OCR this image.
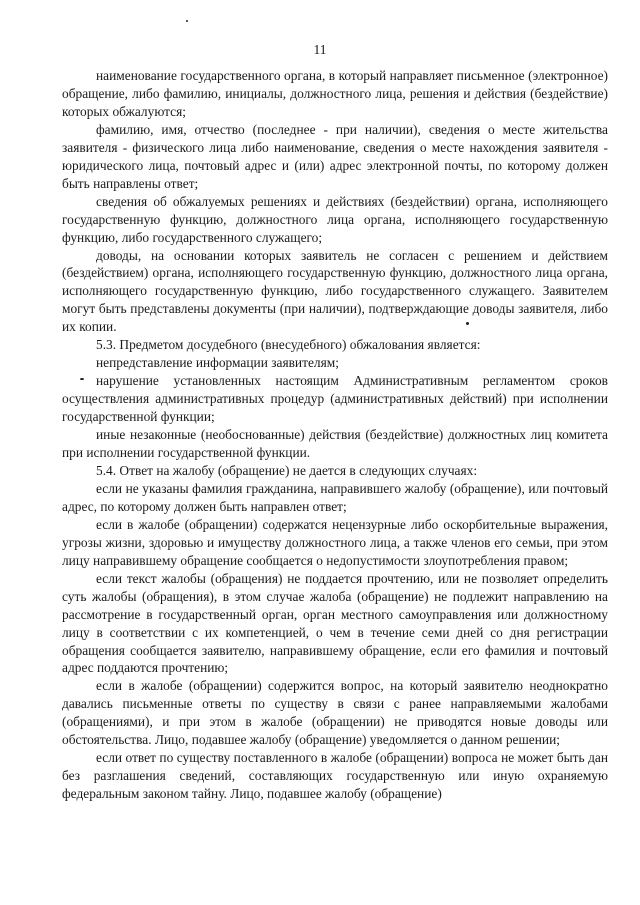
11

наименование государственного органа, в который направляет письменное (электронное) обращение, либо фамилию, инициалы, должностного лица, решения и действия (бездействие) которых обжалуются;

фамилию, имя, отчество (последнее - при наличии), сведения о месте жительства заявителя - физического лица либо наименование, сведения о месте нахождения заявителя - юридического лица, почтовый адрес и (или) адрес электронной почты, по которому должен быть направлены ответ;

сведения об обжалуемых решениях и действиях (бездействии) органа, исполняющего государственную функцию, должностного лица органа, исполняющего государственную функцию, либо государственного служащего;

доводы, на основании которых заявитель не согласен с решением и действием (бездействием) органа, исполняющего государственную функцию, должностного лица органа, исполняющего государственную функцию, либо государственного служащего. Заявителем могут быть представлены документы (при наличии), подтверждающие доводы заявителя, либо их копии.

5.3. Предметом досудебного (внесудебного) обжалования является:

непредставление информации заявителям;

нарушение установленных настоящим Административным регламентом сроков осуществления административных процедур (административных действий) при исполнении государственной функции;

иные незаконные (необоснованные) действия (бездействие) должностных лиц комитета при исполнении государственной функции.

5.4. Ответ на жалобу (обращение) не дается в следующих случаях:

если не указаны фамилия гражданина, направившего жалобу (обращение), или почтовый адрес, по которому должен быть направлен ответ;

если в жалобе (обращении) содержатся нецензурные либо оскорбительные выражения, угрозы жизни, здоровью и имуществу должностного лица, а также членов его семьи, при этом лицу направившему обращение сообщается о недопустимости злоупотребления правом;

если текст жалобы (обращения) не поддается прочтению, или не позволяет определить суть жалобы (обращения), в этом случае жалоба (обращение) не подлежит направлению на рассмотрение в государственный орган, орган местного самоуправления или должностному лицу в соответствии с их компетенцией, о чем в течение семи дней со дня регистрации обращения сообщается заявителю, направившему обращение, если его фамилия и почтовый адрес поддаются прочтению;

если в жалобе (обращении) содержится вопрос, на который заявителю неоднократно давались письменные ответы по существу в связи с ранее направляемыми жалобами (обращениями), и при этом в жалобе (обращении) не приводятся новые доводы или обстоятельства. Лицо, подавшее жалобу (обращение) уведомляется о данном решении;

если ответ по существу поставленного в жалобе (обращении) вопроса не может быть дан без разглашения сведений, составляющих государственную или иную охраняемую федеральным законом тайну. Лицо, подавшее жалобу (обращение)
